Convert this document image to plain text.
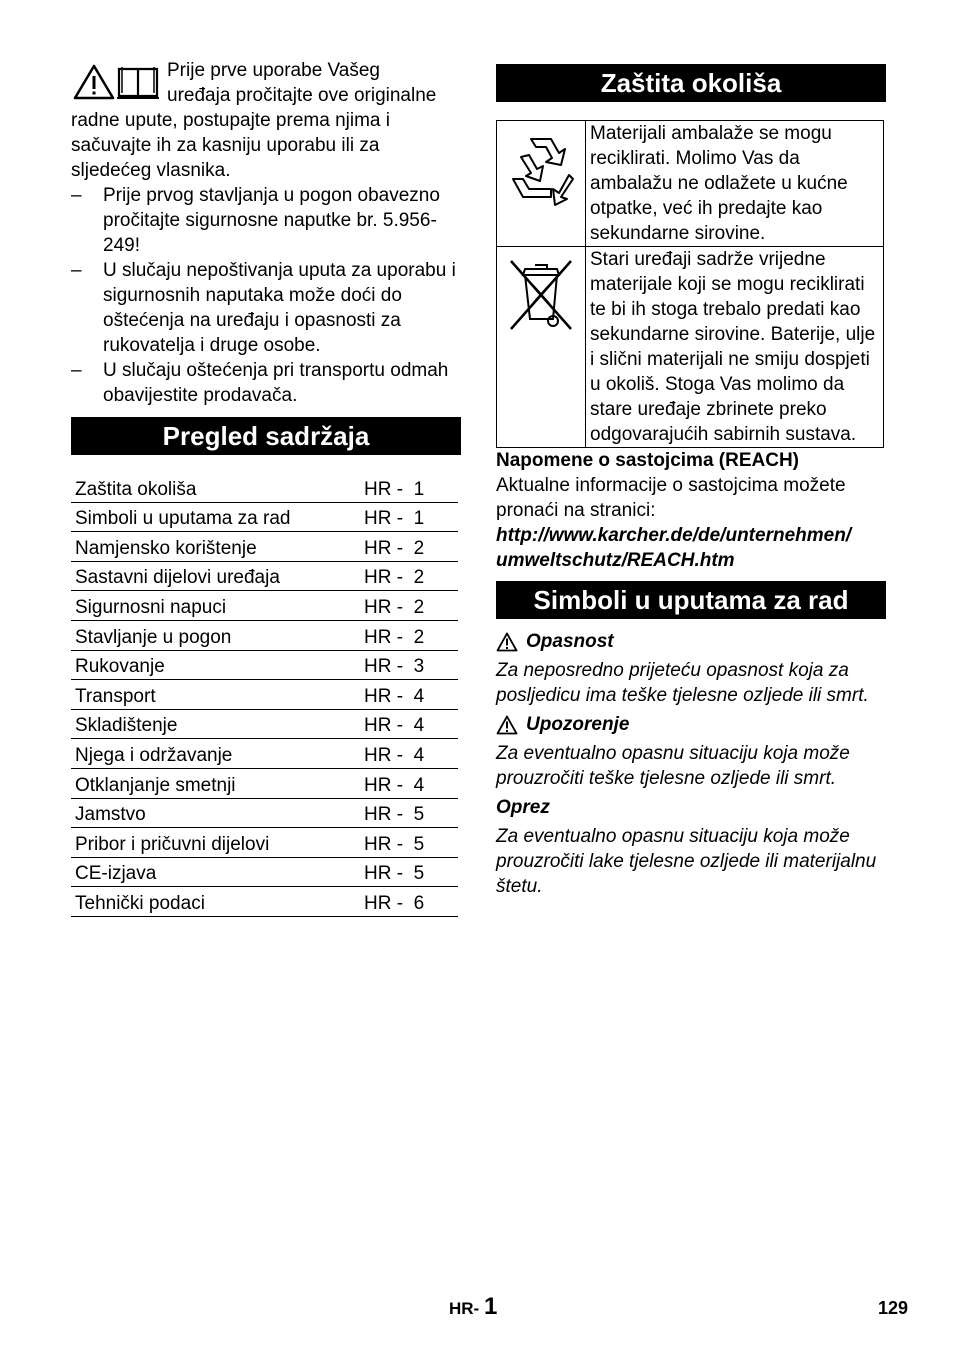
Prije prve uporabe Vašeg
uređaja pročitajte ove originalne radne upute, postupajte prema njima i sačuvajte ih za kasniju uporabu ili za sljedećeg vlasnika.

– Prije prvog stavljanja u pogon obavezno pročitajte sigurnosne naputke br. 5.956-249!
– U slučaju nepoštivanja uputa za uporabu i sigurnosnih naputaka može doći do oštećenja na uređaju i opasnosti za rukovatelja i druge osobe.
– U slučaju oštećenja pri transportu odmah obavijestite prodavača.
Pregled sadržaja
Zaštita okoliša	HR -  1
Simboli u uputama za rad	HR -  1
Namjensko korištenje	HR -  2
Sastavni dijelovi uređaja	HR -  2
Sigurnosni napuci	HR -  2
Stavljanje u pogon	HR -  2
Rukovanje	HR -  3
Transport	HR -  4
Skladištenje	HR -  4
Njega i održavanje	HR -  4
Otklanjanje smetnji	HR -  4
Jamstvo	HR -  5
Pribor i pričuvni dijelovi	HR -  5
CE-izjava	HR -  5
Tehnički podaci	HR -  6
Zaštita okoliša
	Materijali ambalaže se mogu reciklirati. Molimo Vas da ambalažu ne odlažete u kućne otpatke, već ih predajte kao sekundarne sirovine.
	Stari uređaji sadrže vrijedne materijale koji se mogu reciklirati te bi ih stoga trebalo predati kao sekundarne sirovine. Baterije, ulje i slični materijali ne smiju dospjeti u okoliš. Stoga Vas molimo da stare uređaje zbrinete preko odgovarajućih sabirnih sustava.
Napomene o sastojcima (REACH)
Aktualne informacije o sastojcima možete pronaći na stranici:
http://www.karcher.de/de/unternehmen/
umweltschutz/REACH.htm
Simboli u uputama za rad
Opasnost
Za neposredno prijeteću opasnost koja za posljedicu ima teške tjelesne ozljede ili smrt.
Upozorenje
Za eventualno opasnu situaciju koja može prouzročiti teške tjelesne ozljede ili smrt.
Oprez
Za eventualno opasnu situaciju koja može prouzročiti lake tjelesne ozljede ili materijalnu štetu.
HR- 1	129
